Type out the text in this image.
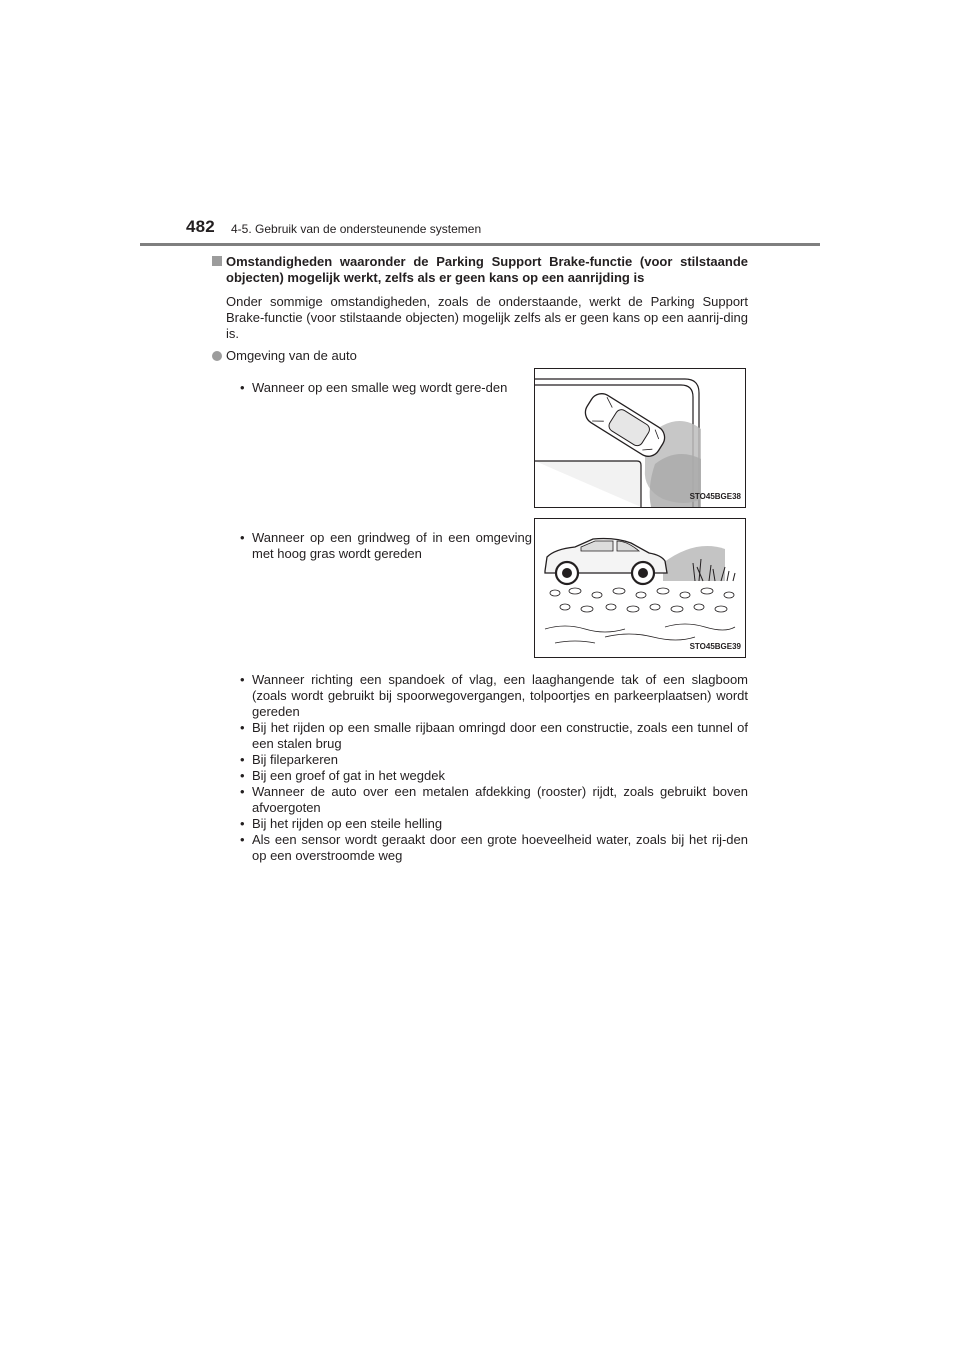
482 4-5. Gebruik van de ondersteunende systemen
Omstandigheden waaronder de Parking Support Brake-functie (voor stilstaande objecten) mogelijk werkt, zelfs als er geen kans op een aanrijding is
Onder sommige omstandigheden, zoals de onderstaande, werkt de Parking Support Brake-functie (voor stilstaande objecten) mogelijk zelfs als er geen kans op een aanrij-ding is.
Omgeving van de auto
• Wanneer op een smalle weg wordt gere-den
STO45BGE38
• Wanneer op een grindweg of in een omgeving met hoog gras wordt gereden
STO45BGE39
• Wanneer richting een spandoek of vlag, een laaghangende tak of een slagboom (zoals wordt gebruikt bij spoorwegovergangen, tolpoortjes en parkeerplaatsen) wordt gereden
• Bij het rijden op een smalle rijbaan omringd door een constructie, zoals een tunnel of een stalen brug
• Bij fileparkeren
• Bij een groef of gat in het wegdek
• Wanneer de auto over een metalen afdekking (rooster) rijdt, zoals gebruikt boven afvoergoten
• Bij het rijden op een steile helling
• Als een sensor wordt geraakt door een grote hoeveelheid water, zoals bij het rij-den op een overstroomde weg
